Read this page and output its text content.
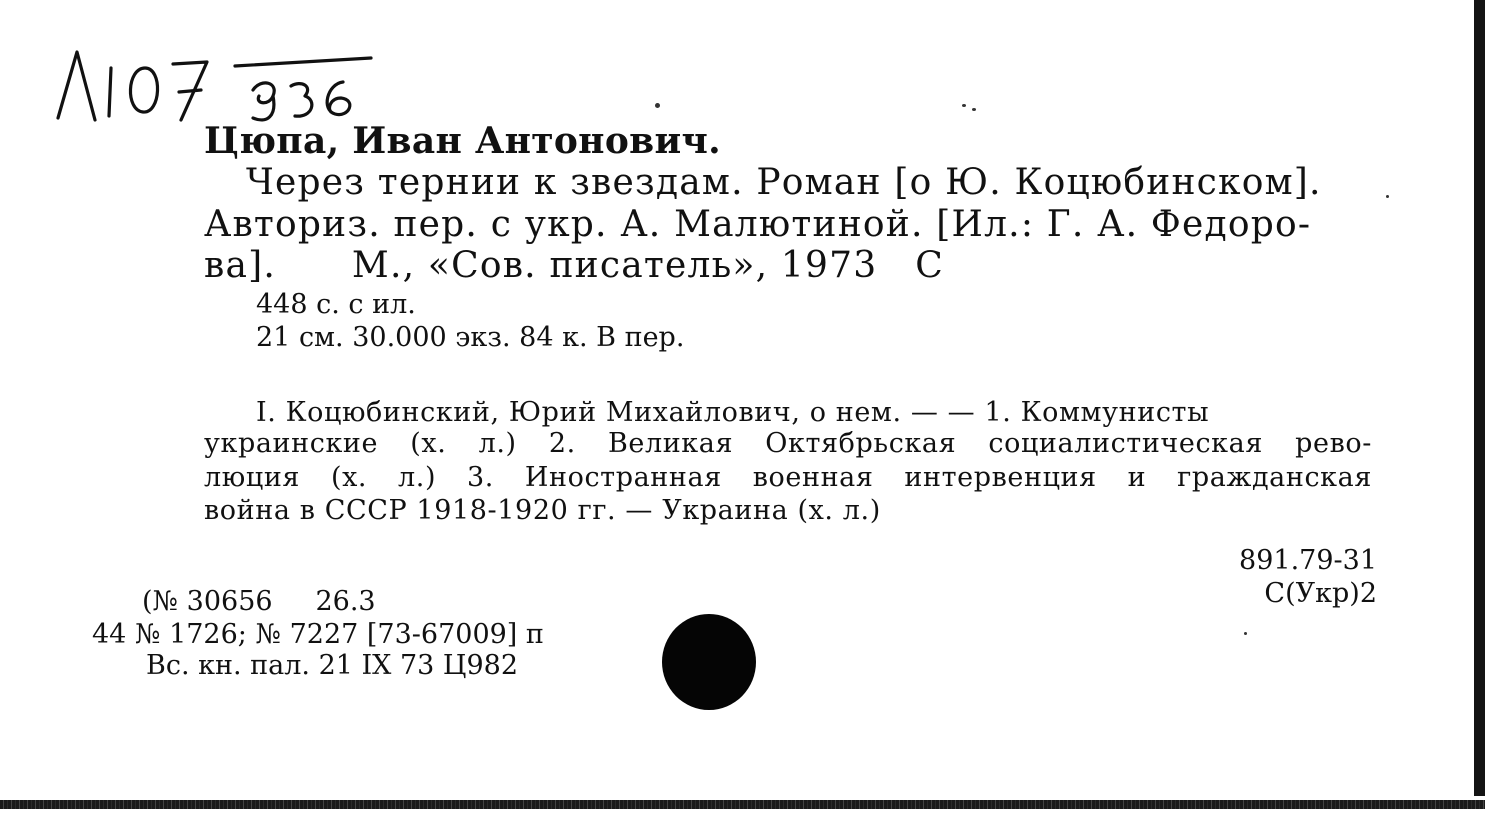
Λ107

Цюпа, Иван Антонович.

Через тернии к звездам. Роман [о Ю. Коцюбинском].

Авториз. пер. с укр. А. Малютиной. [Ил.: Г. А. Федоро-

ва].      М., «Сов. писатель», 1973   С

448 с. с ил.

21 см. 30.000 экз. 84 к. В пер.

I. Коцюбинский, Юрий Михайлович, о нем. — — 1. Коммунисты

украинские (х. л.) 2. Великая Октябрьская социалистическая рево-

люция (х. л.) 3. Иностранная военная интервенция и гражданская

война в СССР 1918-1920 гг. — Украина (х. л.)

891.79-31

С(Укр)2

(№ 30656     26.3

44 № 1726; № 7227 [73-67009] п

Вс. кн. пал. 21 IX 73 Ц982
